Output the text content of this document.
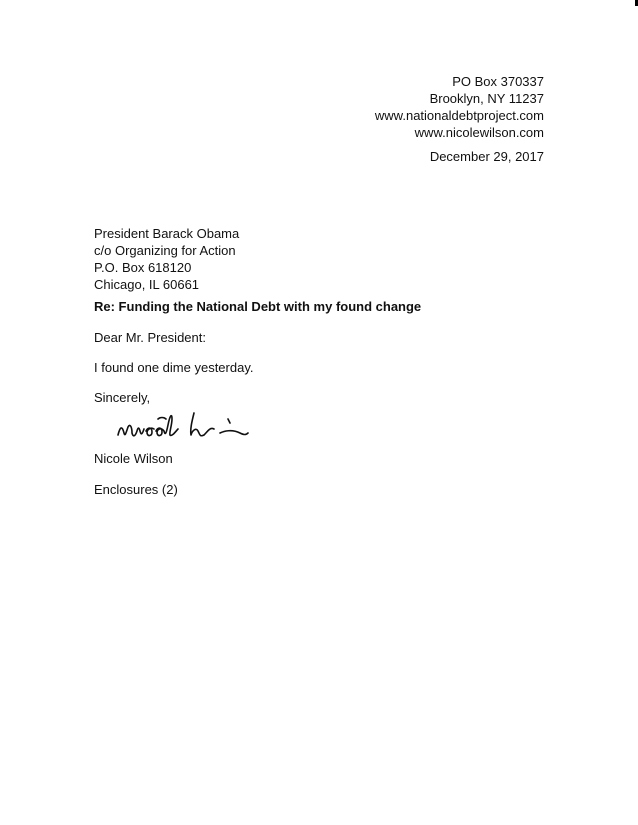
PO Box 370337
Brooklyn, NY 11237
www.nationaldebtproject.com
www.nicolewilson.com
December 29, 2017
President Barack Obama
c/o Organizing for Action
P.O. Box 618120
Chicago, IL 60661
Re: Funding the National Debt with my found change
Dear Mr. President:
I found one dime yesterday.
Sincerely,
Nicole Wilson
Enclosures (2)
